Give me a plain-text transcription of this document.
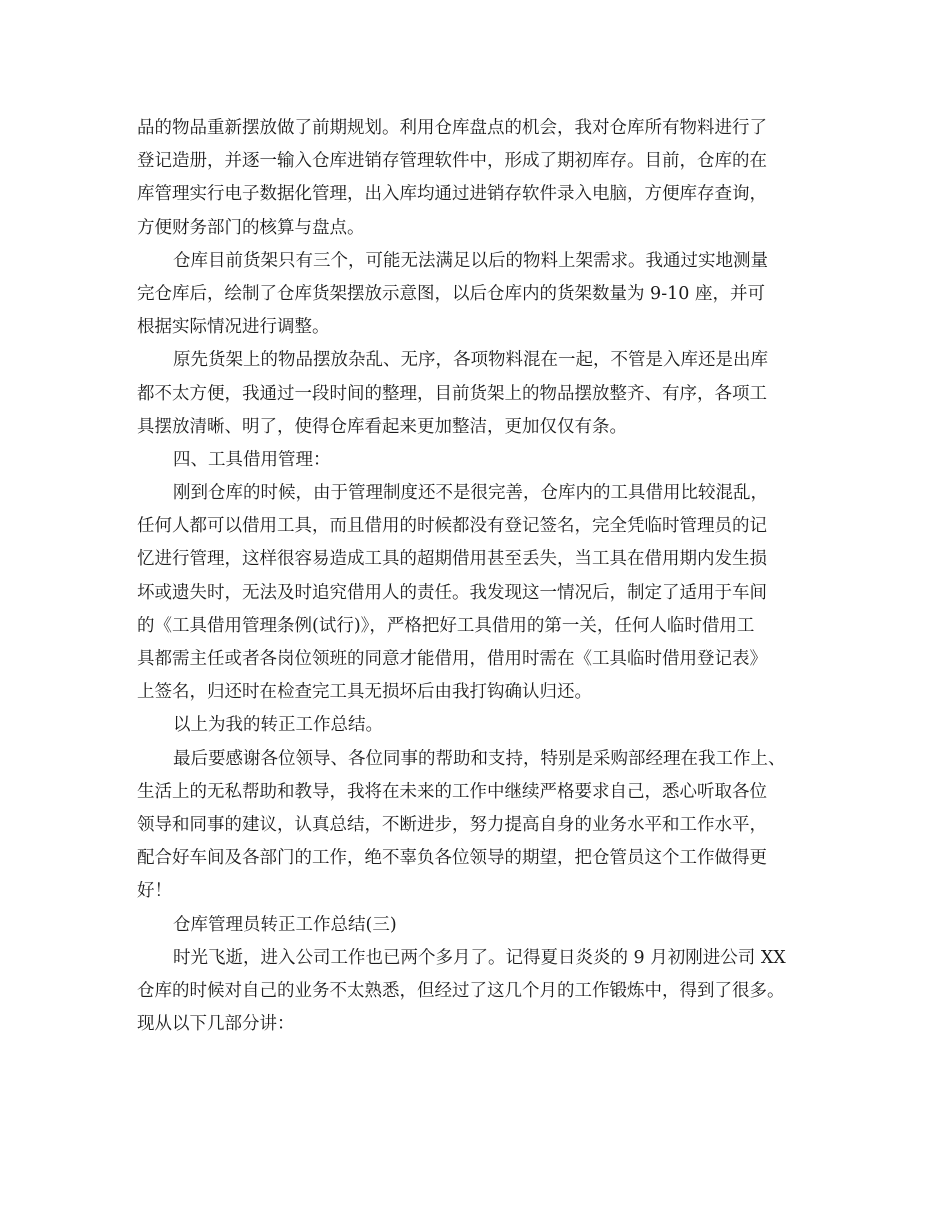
品的物品重新摆放做了前期规划。利用仓库盘点的机会，我对仓库所有物料进行了
登记造册，并逐一输入仓库进销存管理软件中，形成了期初库存。目前，仓库的在
库管理实行电子数据化管理，出入库均通过进销存软件录入电脑，方便库存查询，
方便财务部门的核算与盘点。
仓库目前货架只有三个，可能无法满足以后的物料上架需求。我通过实地测量
完仓库后，绘制了仓库货架摆放示意图，以后仓库内的货架数量为 9-10 座，并可
根据实际情况进行调整。
原先货架上的物品摆放杂乱、无序，各项物料混在一起，不管是入库还是出库
都不太方便，我通过一段时间的整理，目前货架上的物品摆放整齐、有序，各项工
具摆放清晰、明了，使得仓库看起来更加整洁，更加仅仅有条。
四、工具借用管理：
刚到仓库的时候，由于管理制度还不是很完善，仓库内的工具借用比较混乱，
任何人都可以借用工具，而且借用的时候都没有登记签名，完全凭临时管理员的记
忆进行管理，这样很容易造成工具的超期借用甚至丢失，当工具在借用期内发生损
坏或遗失时，无法及时追究借用人的责任。我发现这一情况后，制定了适用于车间
的《工具借用管理条例(试行)》，严格把好工具借用的第一关，任何人临时借用工
具都需主任或者各岗位领班的同意才能借用，借用时需在《工具临时借用登记表》
上签名，归还时在检查完工具无损坏后由我打钩确认归还。
以上为我的转正工作总结。
最后要感谢各位领导、各位同事的帮助和支持，特别是采购部经理在我工作上、
生活上的无私帮助和教导，我将在未来的工作中继续严格要求自己，悉心听取各位
领导和同事的建议，认真总结，不断进步，努力提高自身的业务水平和工作水平，
配合好车间及各部门的工作，绝不辜负各位领导的期望，把仓管员这个工作做得更
好！
仓库管理员转正工作总结(三)
时光飞逝，进入公司工作也已两个多月了。记得夏日炎炎的 9 月初刚进公司 XX
仓库的时候对自己的业务不太熟悉，但经过了这几个月的工作锻炼中，得到了很多。
现从以下几部分讲：
